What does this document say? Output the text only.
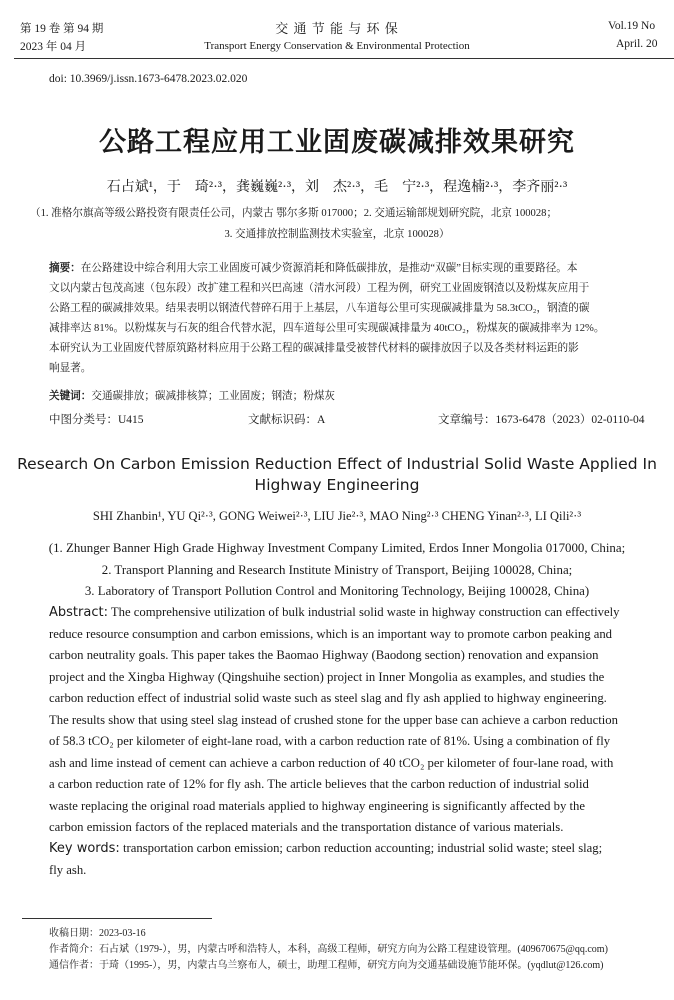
第 19 卷 第 94 期
2023 年 04 月
交 通 节 能 与 环 保
Transport Energy Conservation & Environmental Protection
Vol.19 No
April. 20
doi: 10.3969/j.issn.1673-6478.2023.02.020
公路工程应用工业固废碳减排效果研究
石占斌¹，于　琦²·³，龚巍巍²·³，刘　杰²·³，毛　宁²·³，程逸楠²·³，李齐丽²·³
（1. 准格尔旗高等级公路投资有限责任公司，内蒙古 鄂尔多斯 017000；2. 交通运输部规划研究院，北京 100028；
3. 交通排放控制监测技术实验室，北京 100028）
摘要：在公路建设中综合利用大宗工业固废可减少资源消耗和降低碳排放，是推动“双碳”目标实现的重要路径。本
文以内蒙古包茂高速（包东段）改扩建工程和兴巴高速（清水河段）工程为例，研究工业固废钢渣以及粉煤灰应用于
公路工程的碳减排效果。结果表明以钢渣代替碎石用于上基层，八车道每公里可实现碳减排量为 58.3tCO₂，钢渣的碳
减排率达 81%。以粉煤灰与石灰的组合代替水泥，四车道每公里可实现碳减排量为 40tCO₂，粉煤灰的碳减排率为 12%。
本研究认为工业固废代替原筑路材料应用于公路工程的碳减排量受被替代材料的碳排放因子以及各类材料运距的影
响显著。
关键词：交通碳排放；碳减排核算；工业固废；钢渣；粉煤灰
中图分类号：U415	文献标识码：A	文章编号：1673-6478（2023）02-0110-04
Research On Carbon Emission Reduction Effect of Industrial Solid Waste Applied In
Highway Engineering
SHI Zhanbin¹, YU Qi²·³, GONG Weiwei²·³, LIU Jie²·³, MAO Ning²·³ CHENG Yinan²·³, LI Qili²·³
(1. Zhunger Banner High Grade Highway Investment Company Limited, Erdos Inner Mongolia 017000, China;
2. Transport Planning and Research Institute Ministry of Transport, Beijing 100028, China;
3. Laboratory of Transport Pollution Control and Monitoring Technology, Beijing 100028, China)
Abstract: The comprehensive utilization of bulk industrial solid waste in highway construction can effectively
reduce resource consumption and carbon emissions, which is an important way to promote carbon peaking and
carbon neutrality goals. This paper takes the Baomao Highway (Baodong section) renovation and expansion
project and the Xingba Highway (Qingshuihe section) project in Inner Mongolia as examples, and studies the
carbon reduction effect of industrial solid waste such as steel slag and fly ash applied to highway engineering.
The results show that using steel slag instead of crushed stone for the upper base can achieve a carbon reduction
of 58.3 tCO₂ per kilometer of eight-lane road, with a carbon reduction rate of 81%. Using a combination of fly
ash and lime instead of cement can achieve a carbon reduction of 40 tCO₂ per kilometer of four-lane road, with
a carbon reduction rate of 12% for fly ash. The article believes that the carbon reduction of industrial solid
waste replacing the original road materials applied to highway engineering is significantly affected by the
carbon emission factors of the replaced materials and the transportation distance of various materials.
Key words: transportation carbon emission; carbon reduction accounting; industrial solid waste; steel slag;
fly ash.
收稿日期：2023-03-16
作者简介：石占斌（1979-），男，内蒙古呼和浩特人，本科，高级工程师，研究方向为公路工程建设管理。(409670675@qq.com)
通信作者：于琦（1995-），男，内蒙古乌兰察布人，硕士，助理工程师，研究方向为交通基础设施节能环保。(yqdlut@126.com)
